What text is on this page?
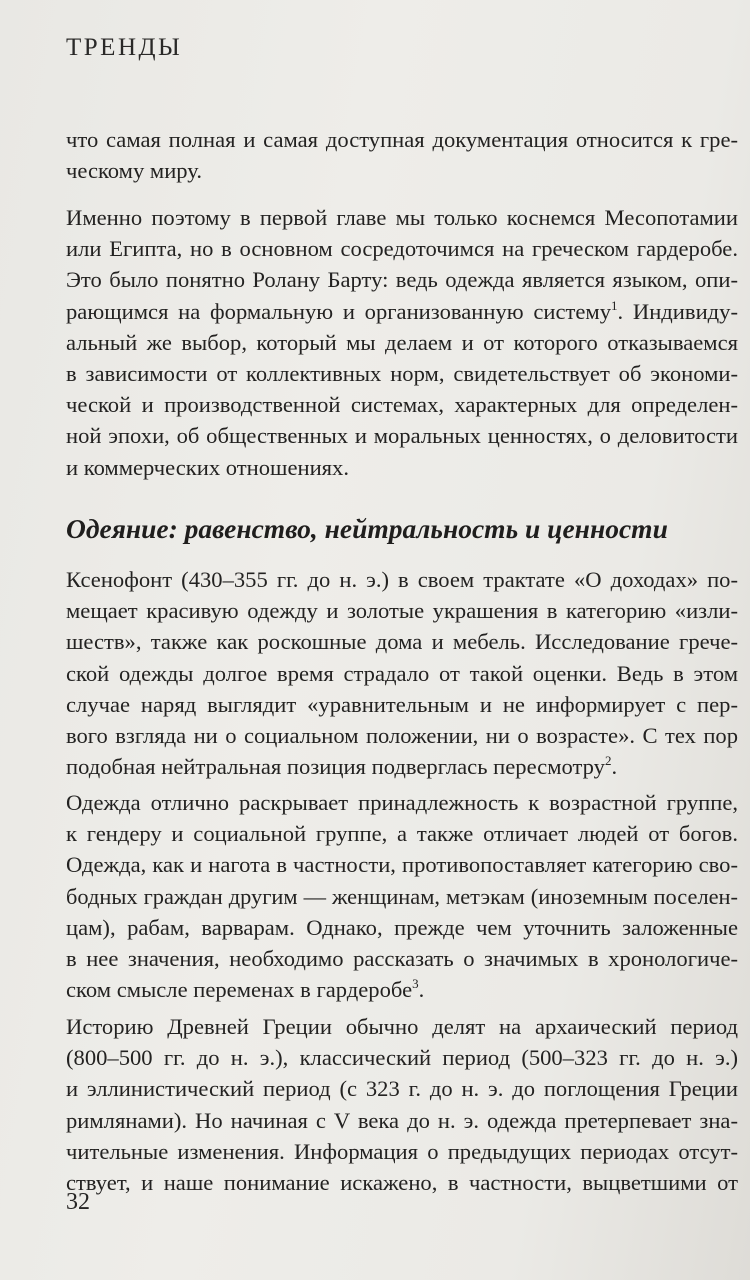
ТРЕНДЫ
что самая полная и самая доступная документация относится к гре-
ческому миру.
Именно поэтому в первой главе мы только коснемся Месопотамии
или Египта, но в основном сосредоточимся на греческом гардеробе.
Это было понятно Ролану Барту: ведь одежда является языком, опи-
рающимся на формальную и организованную систему$^1$. Индивиду-
альный же выбор, который мы делаем и от которого отказываемся
в зависимости от коллективных норм, свидетельствует об экономи-
ческой и производственной системах, характерных для определен-
ной эпохи, об общественных и моральных ценностях, о деловитости
и коммерческих отношениях.
Одеяние: равенство, нейтральность и ценности
Ксенофонт (430–355 гг. до н. э.) в своем трактате «О доходах» по-
мещает красивую одежду и золотые украшения в категорию «изли-
шеств», также как роскошные дома и мебель. Исследование грече-
ской одежды долгое время страдало от такой оценки. Ведь в этом
случае наряд выглядит «уравнительным и не информирует с пер-
вого взгляда ни о социальном положении, ни о возрасте». С тех пор
подобная нейтральная позиция подверглась пересмотру$^2$.
Одежда отлично раскрывает принадлежность к возрастной группе,
к гендеру и социальной группе, а также отличает людей от богов.
Одежда, как и нагота в частности, противопоставляет категорию сво-
бодных граждан другим — женщинам, метэкам (иноземным поселен-
цам), рабам, варварам. Однако, прежде чем уточнить заложенные
в нее значения, необходимо рассказать о значимых в хронологиче-
ском смысле переменах в гардеробе$^3$.
Историю Древней Греции обычно делят на архаический период
(800–500 гг. до н. э.), классический период (500–323 гг. до н. э.)
и эллинистический период (с 323 г. до н. э. до поглощения Греции
римлянами). Но начиная с V века до н. э. одежда претерпевает зна-
чительные изменения. Информация о предыдущих периодах отсут-
ствует, и наше понимание искажено, в частности, выцветшими от
32
